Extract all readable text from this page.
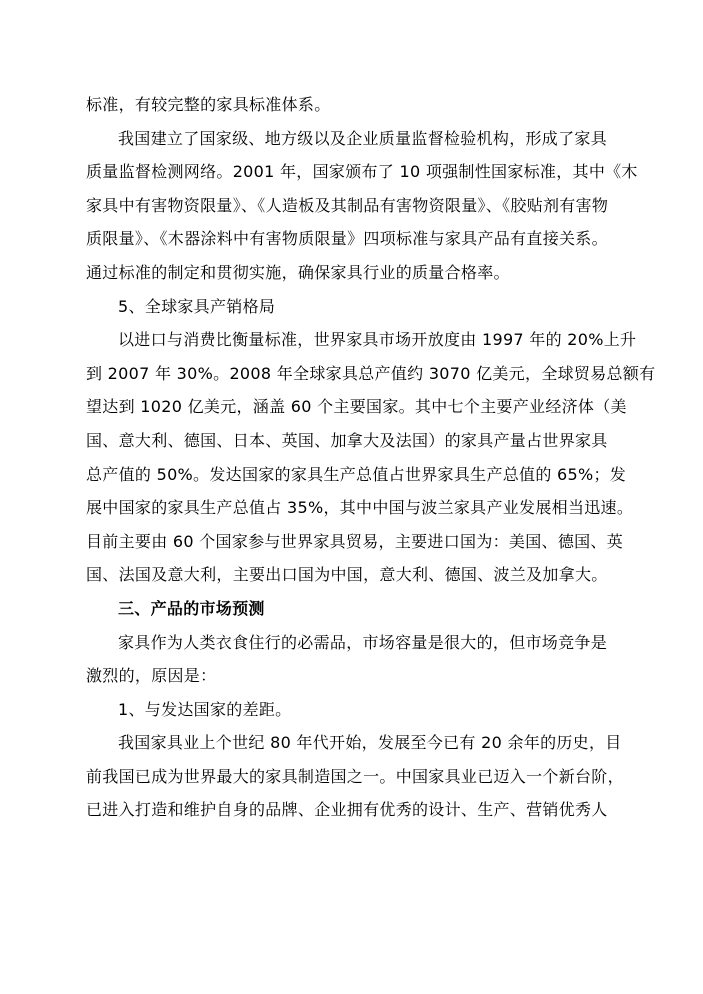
标准，有较完整的家具标准体系。
我国建立了国家级、地方级以及企业质量监督检验机构，形成了家具
质量监督检测网络。2001 年，国家颁布了 10 项强制性国家标准，其中《木
家具中有害物资限量》、《人造板及其制品有害物资限量》、《胶贴剂有害物
质限量》、《木器涂料中有害物质限量》四项标准与家具产品有直接关系。
通过标准的制定和贯彻实施，确保家具行业的质量合格率。
5、全球家具产销格局
以进口与消费比衡量标准，世界家具市场开放度由 1997 年的 20%上升
到 2007 年 30%。2008 年全球家具总产值约 3070 亿美元，全球贸易总额有
望达到 1020 亿美元，涵盖 60 个主要国家。其中七个主要产业经济体（美
国、意大利、德国、日本、英国、加拿大及法国）的家具产量占世界家具
总产值的 50%。发达国家的家具生产总值占世界家具生产总值的 65%；发
展中国家的家具生产总值占 35%，其中中国与波兰家具产业发展相当迅速。
目前主要由 60 个国家参与世界家具贸易，主要进口国为：美国、德国、英
国、法国及意大利，主要出口国为中国，意大利、德国、波兰及加拿大。
三、产品的市场预测
家具作为人类衣食住行的必需品，市场容量是很大的，但市场竞争是
激烈的，原因是：
1、与发达国家的差距。
我国家具业上个世纪 80 年代开始，发展至今已有 20 余年的历史，目
前我国已成为世界最大的家具制造国之一。中国家具业已迈入一个新台阶，
已进入打造和维护自身的品牌、企业拥有优秀的设计、生产、营销优秀人
